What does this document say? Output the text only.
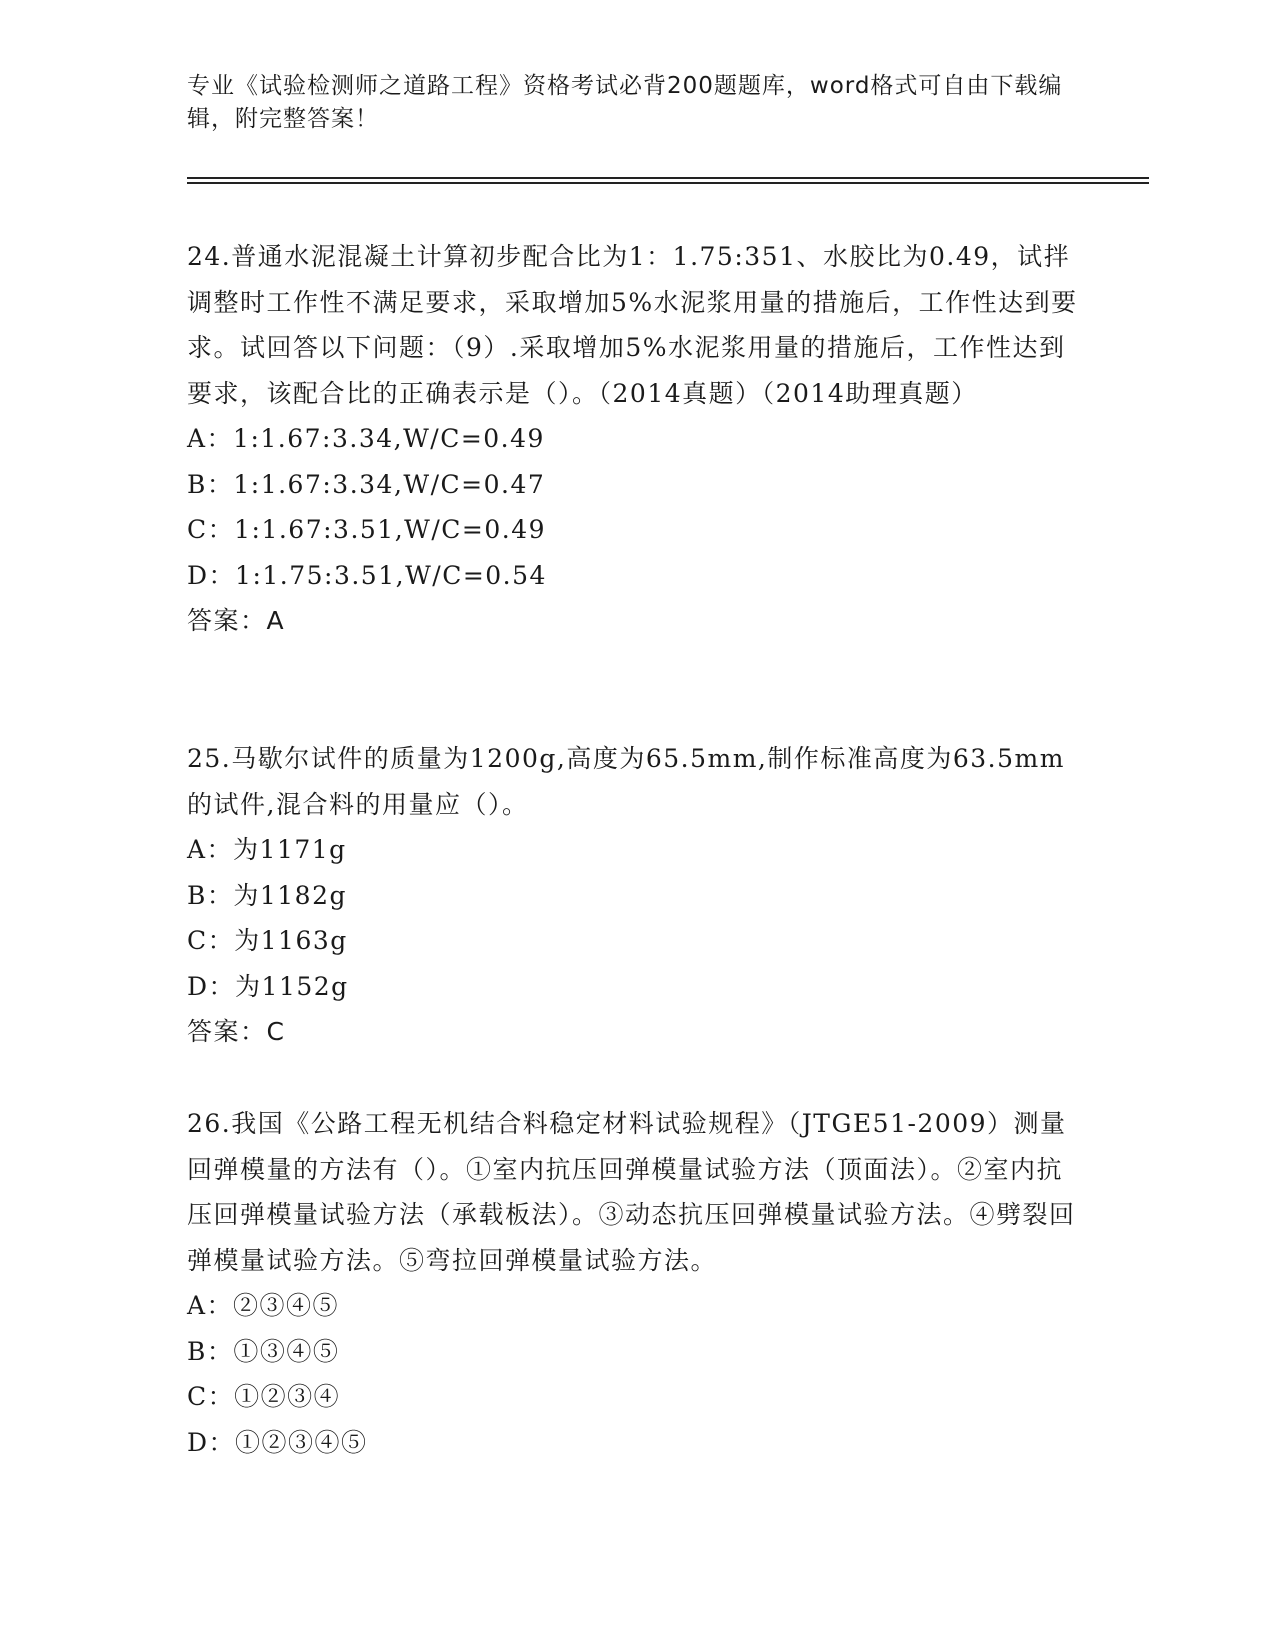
专业《试验检测师之道路工程》资格考试必背200题题库，word格式可自由下载编辑，附完整答案！

24.普通水泥混凝土计算初步配合比为1：1.75:351、水胶比为0.49，试拌调整时工作性不满足要求，采取增加5%水泥浆用量的措施后，工作性达到要求。试回答以下问题：（9）.采取增加5%水泥浆用量的措施后，工作性达到要求，该配合比的正确表示是（）。（2014真题）（2014助理真题）

A：1:1.67:3.34,W/C=0.49

B：1:1.67:3.34,W/C=0.47

C：1:1.67:3.51,W/C=0.49

D：1:1.75:3.51,W/C=0.54

答案：A

25.马歇尔试件的质量为1200g,高度为65.5mm,制作标准高度为63.5mm的试件,混合料的用量应（）。

A：为1171g

B：为1182g

C：为1163g

D：为1152g

答案：C

26.我国《公路工程无机结合料稳定材料试验规程》（JTGE51-2009）测量回弹模量的方法有（）。①室内抗压回弹模量试验方法（顶面法）。②室内抗压回弹模量试验方法（承载板法）。③动态抗压回弹模量试验方法。④劈裂回弹模量试验方法。⑤弯拉回弹模量试验方法。

A：②③④⑤

B：①③④⑤

C：①②③④

D：①②③④⑤
